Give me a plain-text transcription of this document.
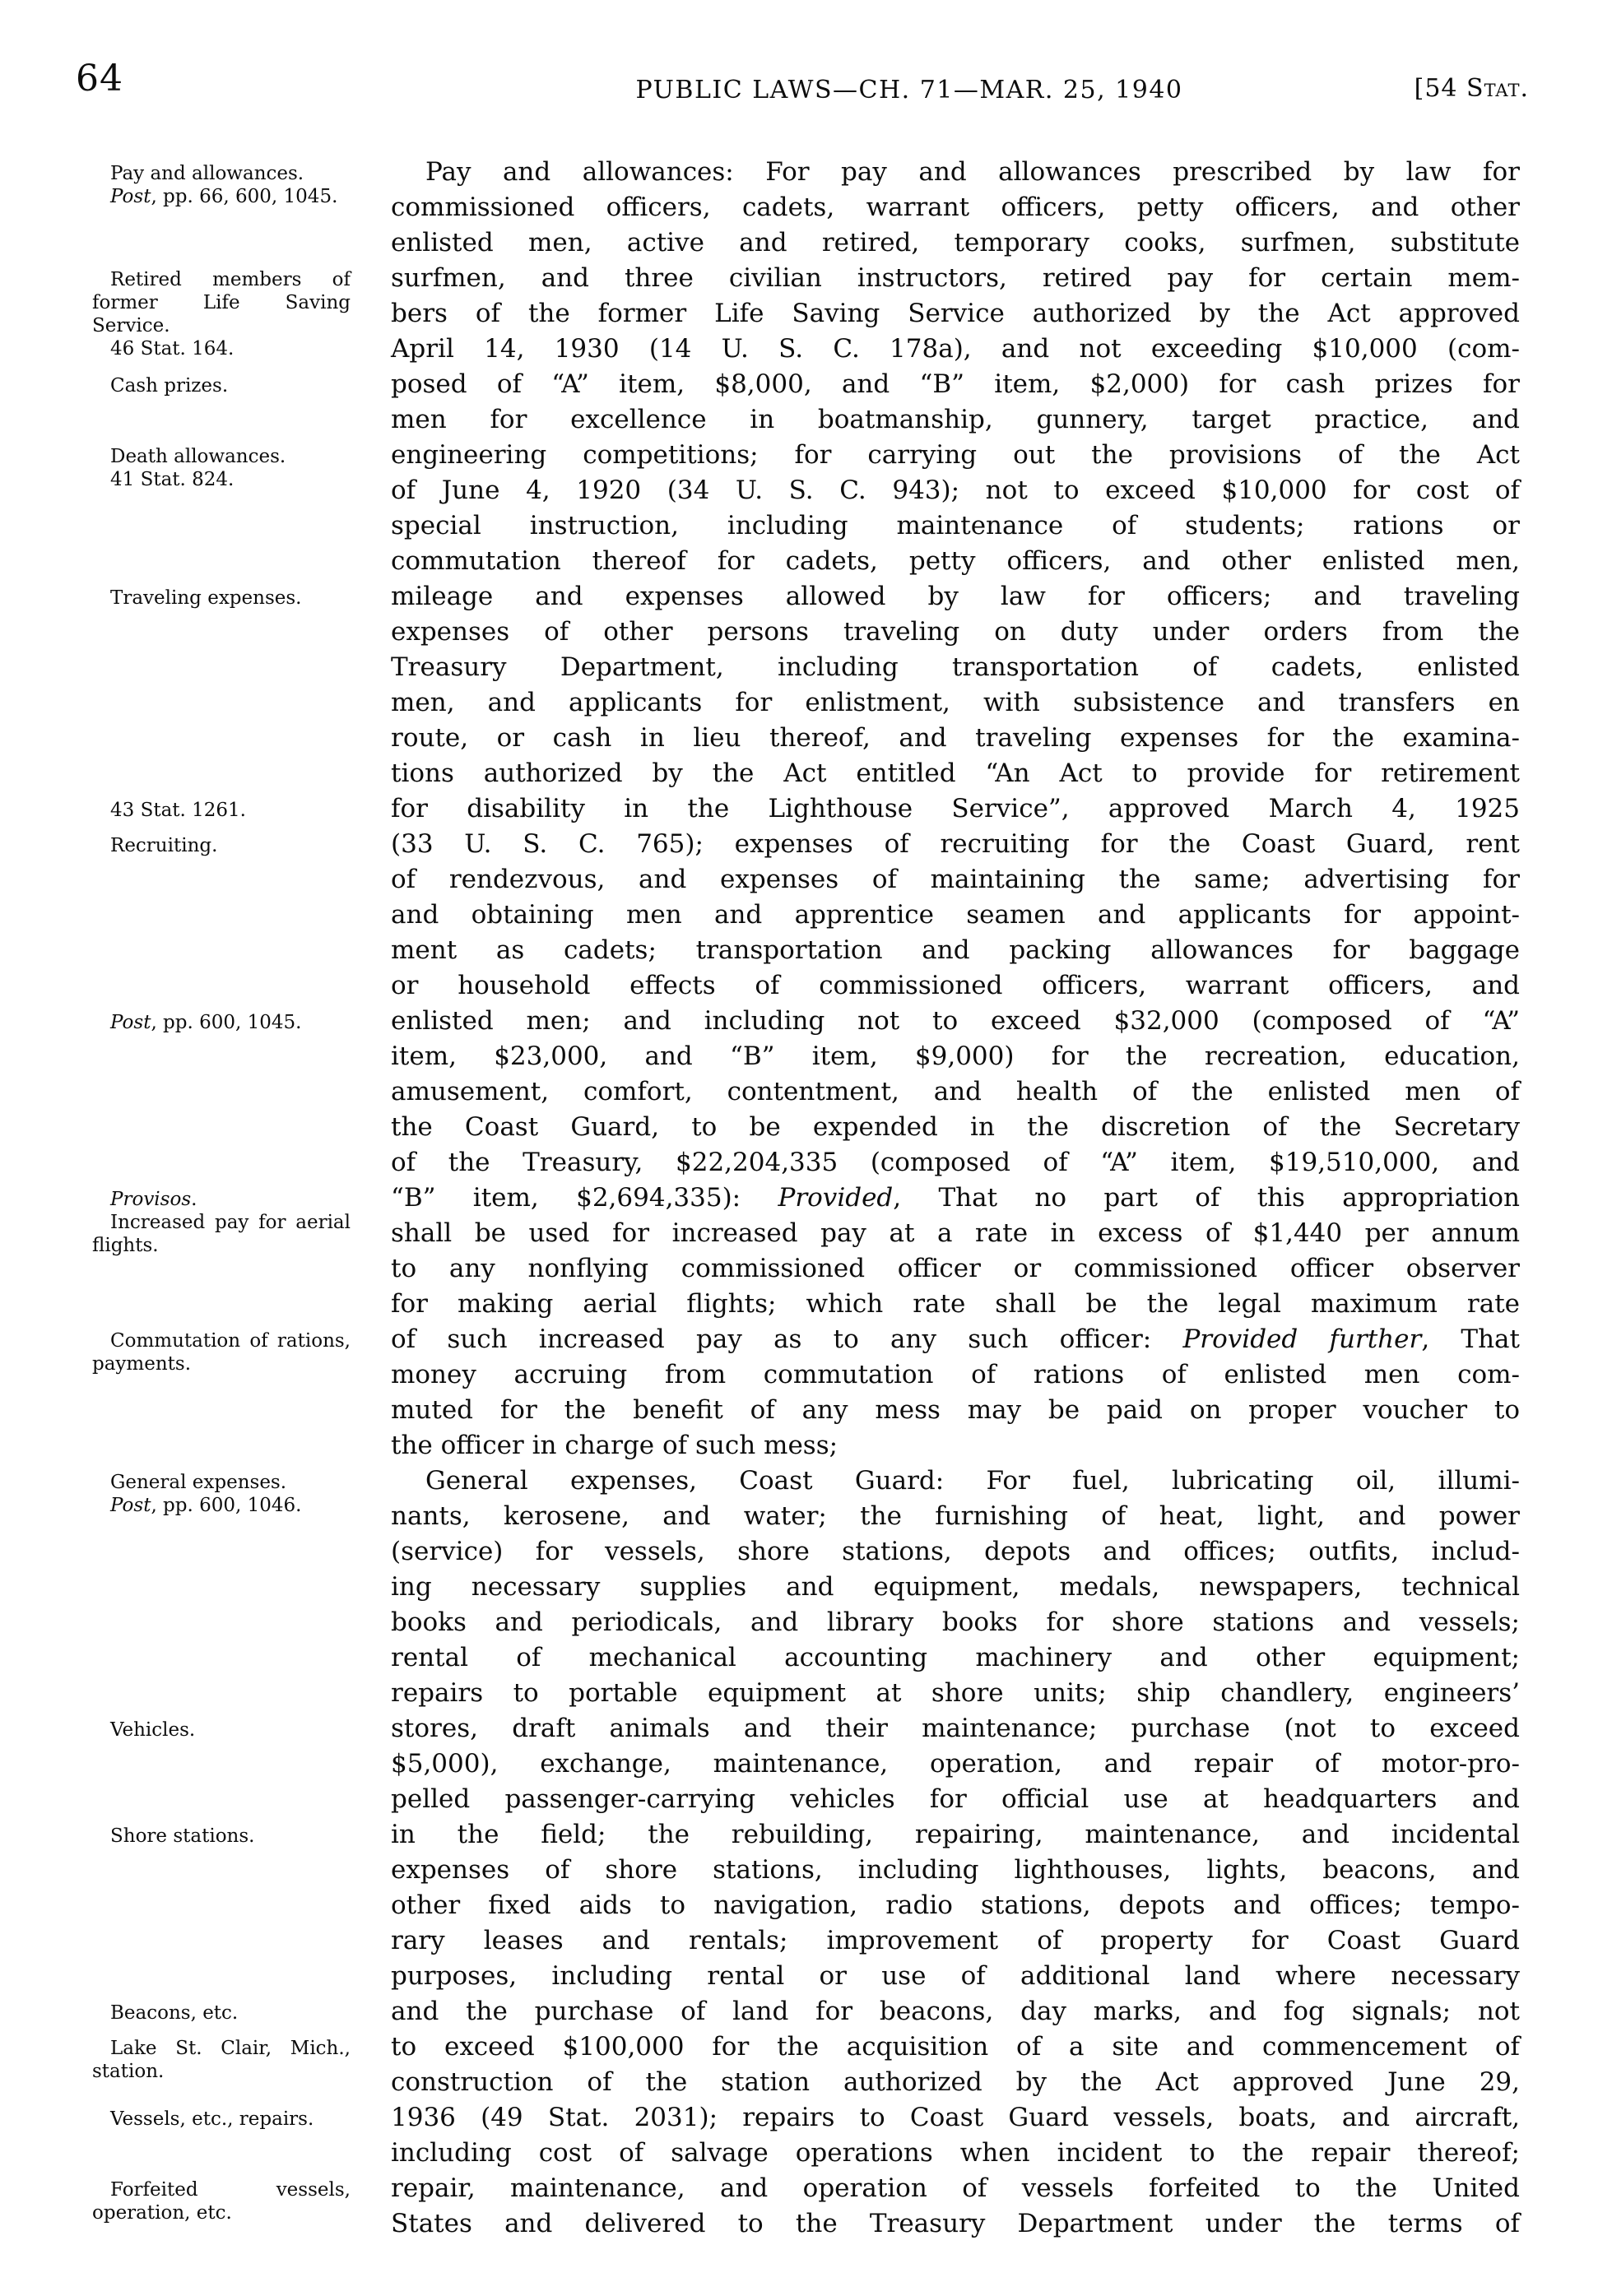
64	PUBLIC LAWS—CH. 71—MAR. 25, 1940	[54 Stat.

Pay and allowances.

Post, pp. 66, 600, 1045.

Retired members of former Life Saving Service.

46 Stat. 164.

Cash prizes.

Death allowances.

41 Stat. 824.

Traveling expenses.

43 Stat. 1261.

Recruiting.

Post, pp. 600, 1045.

Provisos.

Increased pay for aerial flights.

Commutation of rations, payments.

General expenses.

Post, pp. 600, 1046.

Vehicles.

Shore stations.

Beacons, etc.

Lake St. Clair, Mich., station.

Vessels, etc., repairs.

Forfeited vessels, operation, etc.

Pay and allowances: For pay and allowances prescribed by law for
commissioned officers, cadets, warrant officers, petty officers, and other
enlisted men, active and retired, temporary cooks, surfmen, substitute
surfmen, and three civilian instructors, retired pay for certain mem-
bers of the former Life Saving Service authorized by the Act approved
April 14, 1930 (14 U. S. C. 178a), and not exceeding $10,000 (com-
posed of “A” item, $8,000, and “B” item, $2,000) for cash prizes for
men for excellence in boatmanship, gunnery, target practice, and
engineering competitions; for carrying out the provisions of the Act
of June 4, 1920 (34 U. S. C. 943); not to exceed $10,000 for cost of
special instruction, including maintenance of students; rations or
commutation thereof for cadets, petty officers, and other enlisted men,
mileage and expenses allowed by law for officers; and traveling
expenses of other persons traveling on duty under orders from the
Treasury Department, including transportation of cadets, enlisted
men, and applicants for enlistment, with subsistence and transfers en
route, or cash in lieu thereof, and traveling expenses for the examina-
tions authorized by the Act entitled “An Act to provide for retirement
for disability in the Lighthouse Service”, approved March 4, 1925
(33 U. S. C. 765); expenses of recruiting for the Coast Guard, rent
of rendezvous, and expenses of maintaining the same; advertising for
and obtaining men and apprentice seamen and applicants for appoint-
ment as cadets; transportation and packing allowances for baggage
or household effects of commissioned officers, warrant officers, and
enlisted men; and including not to exceed $32,000 (composed of “A”
item, $23,000, and “B” item, $9,000) for the recreation, education,
amusement, comfort, contentment, and health of the enlisted men of
the Coast Guard, to be expended in the discretion of the Secretary
of the Treasury, $22,204,335 (composed of “A” item, $19,510,000, and
“B” item, $2,694,335): Provided, That no part of this appropriation
shall be used for increased pay at a rate in excess of $1,440 per annum
to any nonflying commissioned officer or commissioned officer observer
for making aerial flights; which rate shall be the legal maximum rate
of such increased pay as to any such officer: Provided further, That
money accruing from commutation of rations of enlisted men com-
muted for the benefit of any mess may be paid on proper voucher to
the officer in charge of such mess;
General expenses, Coast Guard: For fuel, lubricating oil, illumi-
nants, kerosene, and water; the furnishing of heat, light, and power
(service) for vessels, shore stations, depots and offices; outfits, includ-
ing necessary supplies and equipment, medals, newspapers, technical
books and periodicals, and library books for shore stations and vessels;
rental of mechanical accounting machinery and other equipment;
repairs to portable equipment at shore units; ship chandlery, engineers’
stores, draft animals and their maintenance; purchase (not to exceed
$5,000), exchange, maintenance, operation, and repair of motor-pro-
pelled passenger-carrying vehicles for official use at headquarters and
in the field; the rebuilding, repairing, maintenance, and incidental
expenses of shore stations, including lighthouses, lights, beacons, and
other fixed aids to navigation, radio stations, depots and offices; tempo-
rary leases and rentals; improvement of property for Coast Guard
purposes, including rental or use of additional land where necessary
and the purchase of land for beacons, day marks, and fog signals; not
to exceed $100,000 for the acquisition of a site and commencement of
construction of the station authorized by the Act approved June 29,
1936 (49 Stat. 2031); repairs to Coast Guard vessels, boats, and aircraft,
including cost of salvage operations when incident to the repair thereof;
repair, maintenance, and operation of vessels forfeited to the United
States and delivered to the Treasury Department under the terms of
